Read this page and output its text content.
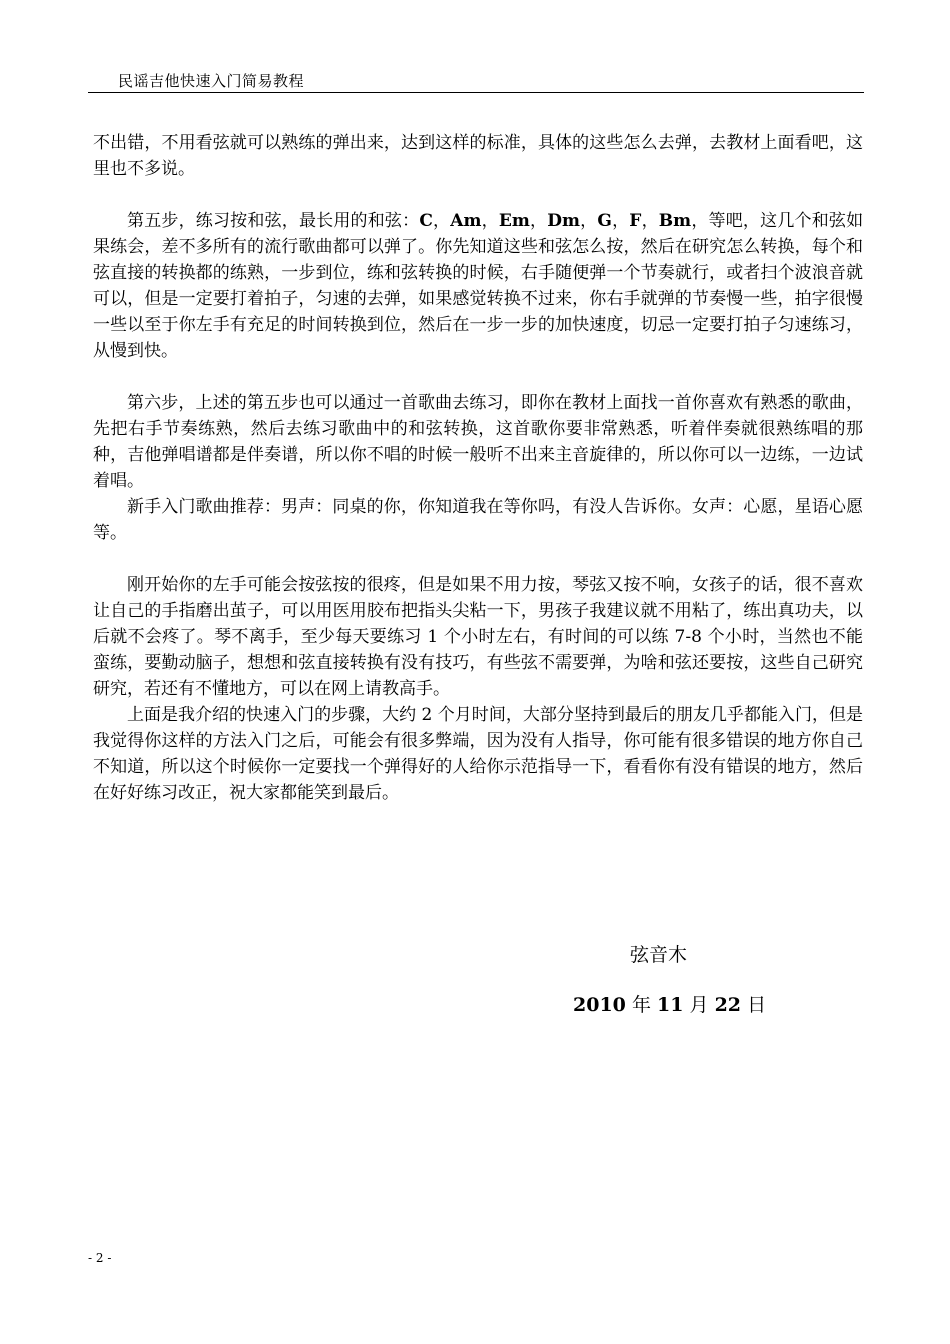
民谣吉他快速入门简易教程

不出错，不用看弦就可以熟练的弹出来，达到这样的标准，具体的这些怎么去弹，去教材上面看吧，这里也不多说。

第五步，练习按和弦，最长用的和弦：C，Am，Em，Dm，G，F，Bm，等吧，这几个和弦如果练会，差不多所有的流行歌曲都可以弹了。你先知道这些和弦怎么按，然后在研究怎么转换，每个和弦直接的转换都的练熟，一步到位，练和弦转换的时候，右手随便弹一个节奏就行，或者扫个波浪音就可以，但是一定要打着拍子，匀速的去弹，如果感觉转换不过来，你右手就弹的节奏慢一些，拍字很慢一些以至于你左手有充足的时间转换到位，然后在一步一步的加快速度，切忌一定要打拍子匀速练习，从慢到快。

第六步，上述的第五步也可以通过一首歌曲去练习，即你在教材上面找一首你喜欢有熟悉的歌曲，先把右手节奏练熟，然后去练习歌曲中的和弦转换，这首歌你要非常熟悉，听着伴奏就很熟练唱的那种，吉他弹唱谱都是伴奏谱，所以你不唱的时候一般听不出来主音旋律的，所以你可以一边练，一边试着唱。

新手入门歌曲推荐：男声：同桌的你，你知道我在等你吗，有没人告诉你。女声：心愿，星语心愿等。

刚开始你的左手可能会按弦按的很疼，但是如果不用力按，琴弦又按不响，女孩子的话，很不喜欢让自己的手指磨出茧子，可以用医用胶布把指头尖粘一下，男孩子我建议就不用粘了，练出真功夫，以后就不会疼了。琴不离手，至少每天要练习 1 个小时左右，有时间的可以练 7-8 个小时，当然也不能蛮练，要勤动脑子，想想和弦直接转换有没有技巧，有些弦不需要弹，为啥和弦还要按，这些自己研究研究，若还有不懂地方，可以在网上请教高手。

上面是我介绍的快速入门的步骤，大约 2 个月时间，大部分坚持到最后的朋友几乎都能入门，但是我觉得你这样的方法入门之后，可能会有很多弊端，因为没有人指导，你可能有很多错误的地方你自己不知道，所以这个时候你一定要找一个弹得好的人给你示范指导一下，看看你有没有错误的地方，然后在好好练习改正，祝大家都能笑到最后。

弦音木
2010 年 11 月 22 日
- 2 -
